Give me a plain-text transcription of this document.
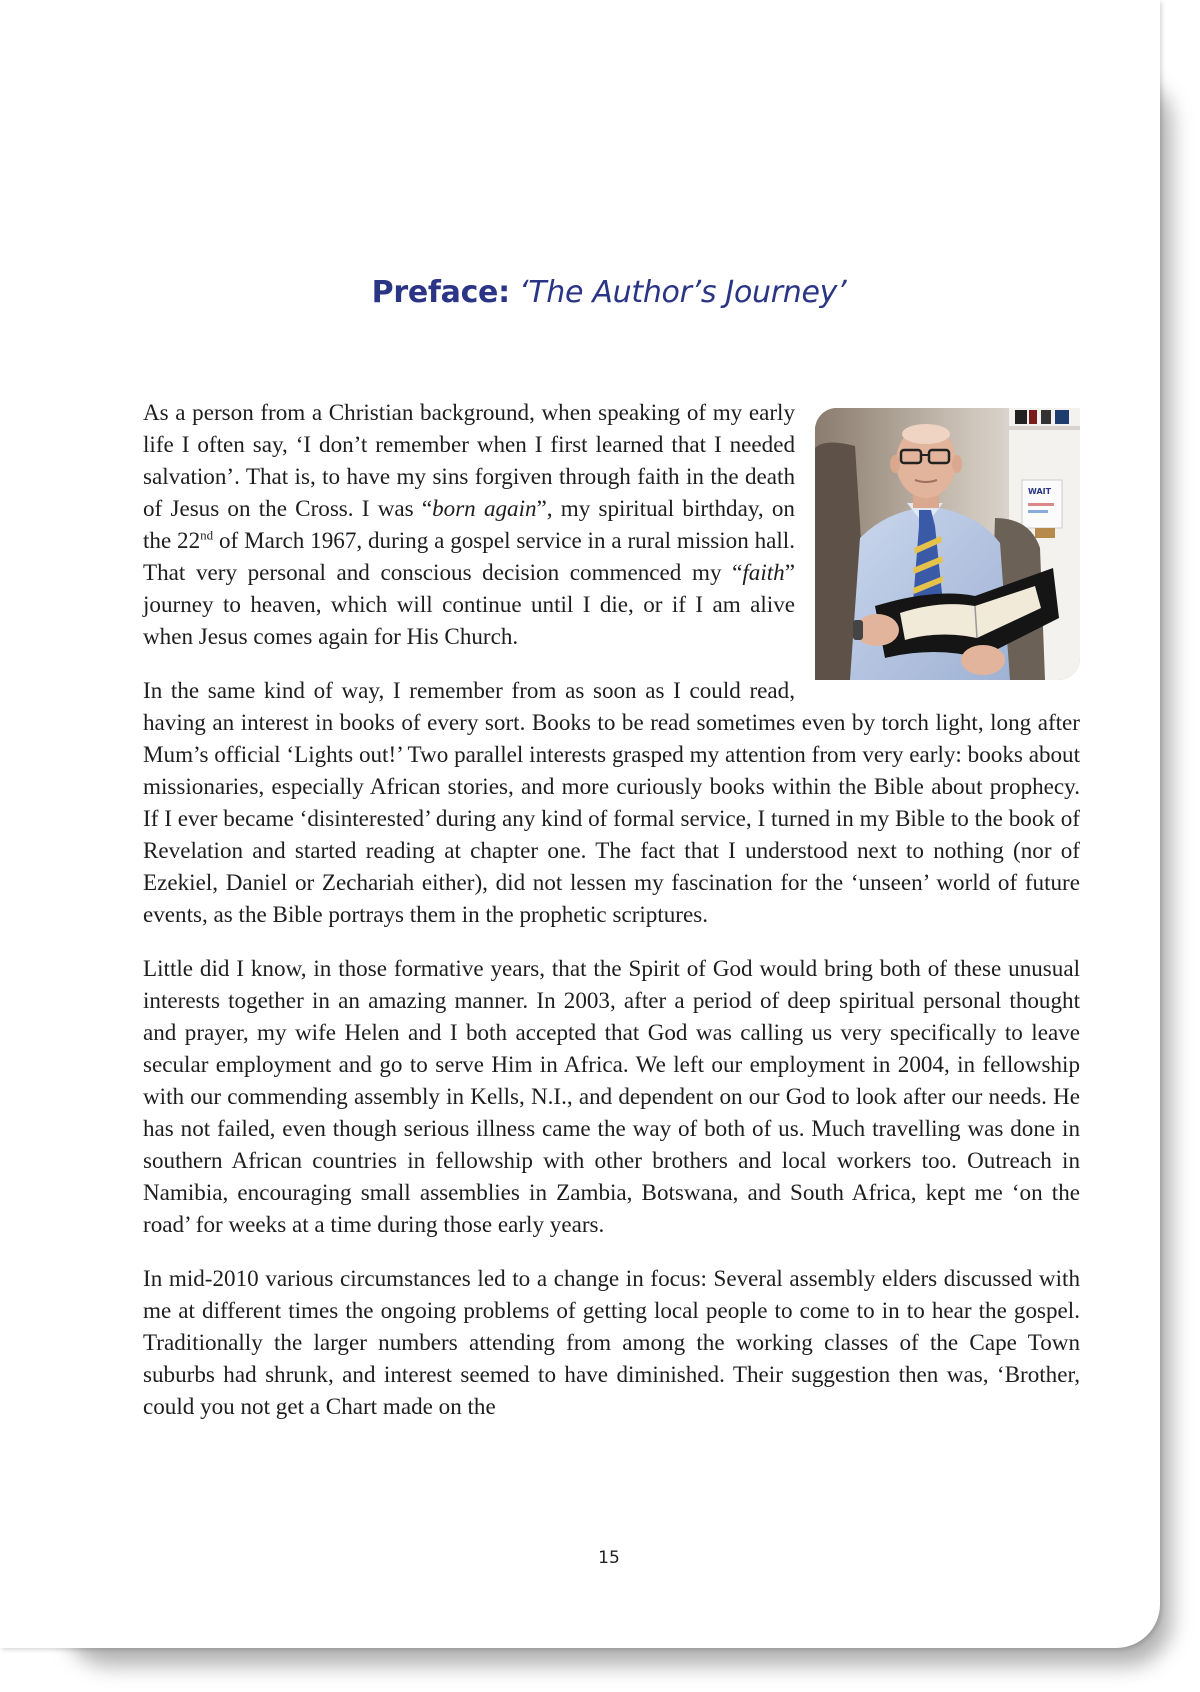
Preface: ‘The Author’s Journey’

WAIT
As a person from a Christian background, when speaking of my early life I often say, ‘I don’t remember when I first learned that I needed salvation’. That is, to have my sins forgiven through faith in the death of Jesus on the Cross. I was “born again”, my spiritual birthday, on the 22nd of March 1967, during a gospel service in a rural mission hall. That very personal and conscious decision commenced my “faith” journey to heaven, which will continue until I die, or if I am alive when Jesus comes again for His Church.

In the same kind of way, I remember from as soon as I could read, having an interest in books of every sort. Books to be read sometimes even by torch light, long after Mum’s official ‘Lights out!’ Two parallel interests grasped my attention from very early: books about missionaries, especially African stories, and more curiously books within the Bible about prophecy. If I ever became ‘disinterested’ during any kind of formal service, I turned in my Bible to the book of Revelation and started reading at chapter one. The fact that I understood next to nothing (nor of Ezekiel, Daniel or Zechariah either), did not lessen my fascination for the ‘unseen’ world of future events, as the Bible portrays them in the prophetic scriptures.

Little did I know, in those formative years, that the Spirit of God would bring both of these unusual interests together in an amazing manner. In 2003, after a period of deep spiritual personal thought and prayer, my wife Helen and I both accepted that God was calling us very specifically to leave secular employment and go to serve Him in Africa. We left our employment in 2004, in fellowship with our commending assembly in Kells, N.I., and dependent on our God to look after our needs. He has not failed, even though serious illness came the way of both of us. Much travelling was done in southern African countries in fellowship with other brothers and local workers too. Outreach in Namibia, encouraging small assemblies in Zambia, Botswana, and South Africa, kept me ‘on the road’ for weeks at a time during those early years.

In mid-2010 various circumstances led to a change in focus: Several assembly elders discussed with me at different times the ongoing problems of getting local people to come to in to hear the gospel. Traditionally the larger numbers attending from among the working classes of the Cape Town suburbs had shrunk, and interest seemed to have diminished. Their suggestion then was, ‘Brother, could you not get a Chart made on the

15
